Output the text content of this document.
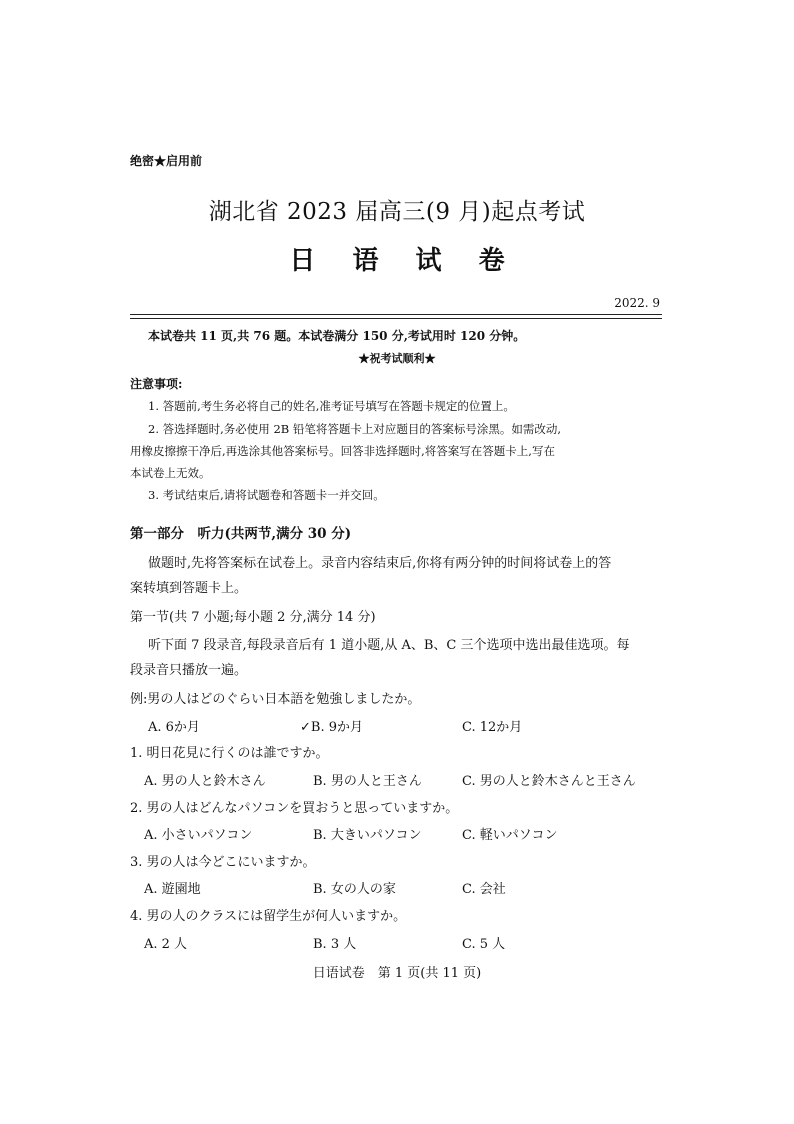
绝密★启用前
湖北省 2023 届高三(9 月)起点考试
日 语 试 卷
2022. 9
本试卷共 11 页,共 76 题。本试卷满分 150 分,考试用时 120 分钟。
★祝考试顺利★
注意事项:
1. 答题前,考生务必将自己的姓名,准考证号填写在答题卡规定的位置上。
2. 答选择题时,务必使用 2B 铅笔将答题卡上对应题目的答案标号涂黑。如需改动,
用橡皮擦擦干净后,再选涂其他答案标号。回答非选择题时,将答案写在答题卡上,写在
本试卷上无效。
3. 考试结束后,请将试题卷和答题卡一并交回。
第一部分　听力(共两节,满分 30 分)
做题时,先将答案标在试卷上。录音内容结束后,你将有两分钟的时间将试卷上的答
案转填到答题卡上。
第一节(共 7 小题;每小题 2 分,满分 14 分)
听下面 7 段录音,每段录音后有 1 道小题,从 A、B、C 三个选项中选出最佳选项。每
段录音只播放一遍。
例:男の人はどのぐらい日本語を勉強しましたか。
A. 6か月	✓B. 9か月	C. 12か月
1. 明日花見に行くのは誰ですか。
A. 男の人と鈴木さん	B. 男の人と王さん	C. 男の人と鈴木さんと王さん
2. 男の人はどんなパソコンを買おうと思っていますか。
A. 小さいパソコン	B. 大きいパソコン	C. 軽いパソコン
3. 男の人は今どこにいますか。
A. 遊園地	B. 女の人の家	C. 会社
4. 男の人のクラスには留学生が何人いますか。
A. 2 人	B. 3 人	C. 5 人
日语试卷　第 1 页(共 11 页)
